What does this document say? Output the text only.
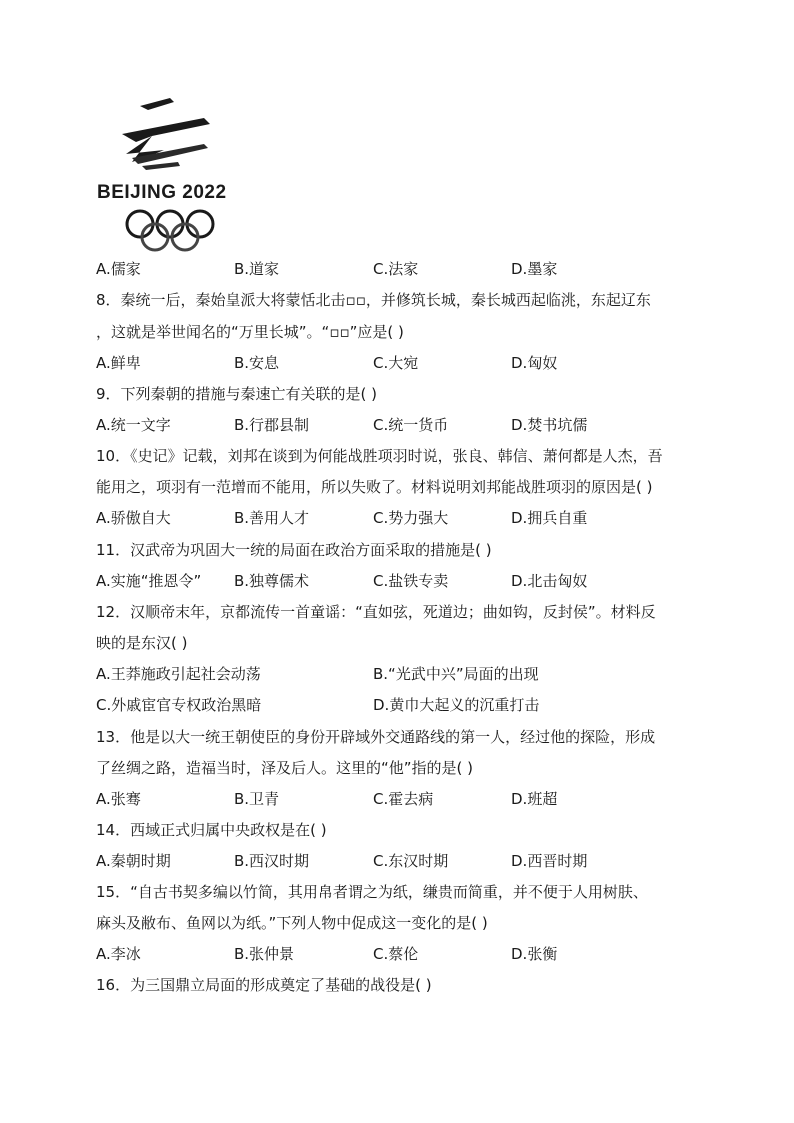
BEIJING 2022
A.儒家	B.道家	C.法家	D.墨家
8．秦统一后，秦始皇派大将蒙恬北击▫▫，并修筑长城，秦长城西起临洮，东起辽东
，这就是举世闻名的“万里长城”。“▫▫”应是( )
A.鲜卑	B.安息	C.大宛	D.匈奴
9．下列秦朝的措施与秦速亡有关联的是( )
A.统一文字	B.行郡县制	C.统一货币	D.焚书坑儒
10．《史记》记载，刘邦在谈到为何能战胜项羽时说，张良、韩信、萧何都是人杰，吾
能用之，项羽有一范增而不能用，所以失败了。材料说明刘邦能战胜项羽的原因是( )
A.骄傲自大	B.善用人才	C.势力强大	D.拥兵自重
11．汉武帝为巩固大一统的局面在政治方面采取的措施是( )
A.实施“推恩令” B.独尊儒术	C.盐铁专卖	D.北击匈奴
12．汉顺帝末年，京都流传一首童谣：“直如弦，死道边；曲如钩，反封侯”。材料反
映的是东汉( )
A.王莽施政引起社会动荡	B.“光武中兴”局面的出现
C.外戚宦官专权政治黑暗	D.黄巾大起义的沉重打击
13．他是以大一统王朝使臣的身份开辟域外交通路线的第一人，经过他的探险，形成
了丝绸之路，造福当时，泽及后人。这里的“他”指的是( )
A.张骞	B.卫青	C.霍去病	D.班超
14．西域正式归属中央政权是在( )
A.秦朝时期	B.西汉时期	C.东汉时期	D.西晋时期
15．“自古书契多编以竹简，其用帛者谓之为纸，缣贵而简重，并不便于人用树肤、
麻头及敝布、鱼网以为纸。”下列人物中促成这一变化的是( )
A.李冰	B.张仲景	C.蔡伦	D.张衡
16．为三国鼎立局面的形成奠定了基础的战役是( )
